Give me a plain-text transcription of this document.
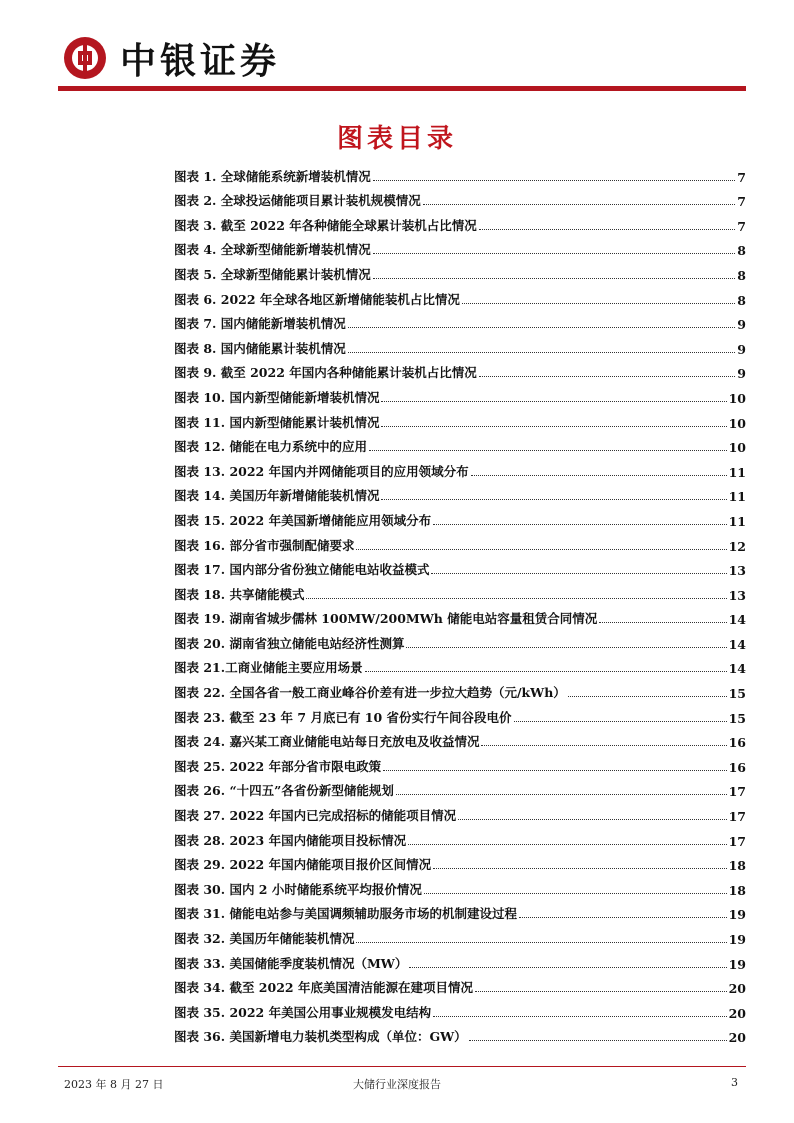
中银证券
图表目录
图表 1. 全球储能系统新增装机情况	7
图表 2. 全球投运储能项目累计装机规模情况	7
图表 3. 截至 2022 年各种储能全球累计装机占比情况	7
图表 4. 全球新型储能新增装机情况	8
图表 5. 全球新型储能累计装机情况	8
图表 6. 2022 年全球各地区新增储能装机占比情况	8
图表 7. 国内储能新增装机情况	9
图表 8. 国内储能累计装机情况	9
图表 9. 截至 2022 年国内各种储能累计装机占比情况	9
图表 10. 国内新型储能新增装机情况	10
图表 11. 国内新型储能累计装机情况	10
图表 12. 储能在电力系统中的应用	10
图表 13. 2022 年国内并网储能项目的应用领域分布	11
图表 14. 美国历年新增储能装机情况	11
图表 15. 2022 年美国新增储能应用领域分布	11
图表 16. 部分省市强制配储要求	12
图表 17. 国内部分省份独立储能电站收益模式	13
图表 18. 共享储能模式	13
图表 19. 湖南省城步儒林 100MW/200MWh 储能电站容量租赁合同情况	14
图表 20. 湖南省独立储能电站经济性测算	14
图表 21.工商业储能主要应用场景	14
图表 22. 全国各省一般工商业峰谷价差有进一步拉大趋势（元/kWh）	15
图表 23. 截至 23 年 7 月底已有 10 省份实行午间谷段电价	15
图表 24. 嘉兴某工商业储能电站每日充放电及收益情况	16
图表 25. 2022 年部分省市限电政策	16
图表 26. “十四五”各省份新型储能规划	17
图表 27. 2022 年国内已完成招标的储能项目情况	17
图表 28. 2023 年国内储能项目投标情况	17
图表 29. 2022 年国内储能项目报价区间情况	18
图表 30. 国内 2 小时储能系统平均报价情况	18
图表 31. 储能电站参与美国调频辅助服务市场的机制建设过程	19
图表 32. 美国历年储能装机情况	19
图表 33. 美国储能季度装机情况（MW）	19
图表 34. 截至 2022 年底美国清洁能源在建项目情况	20
图表 35. 2022 年美国公用事业规模发电结构	20
图表 36. 美国新增电力装机类型构成（单位：GW）	20
2023 年 8 月 27 日	大储行业深度报告	3
